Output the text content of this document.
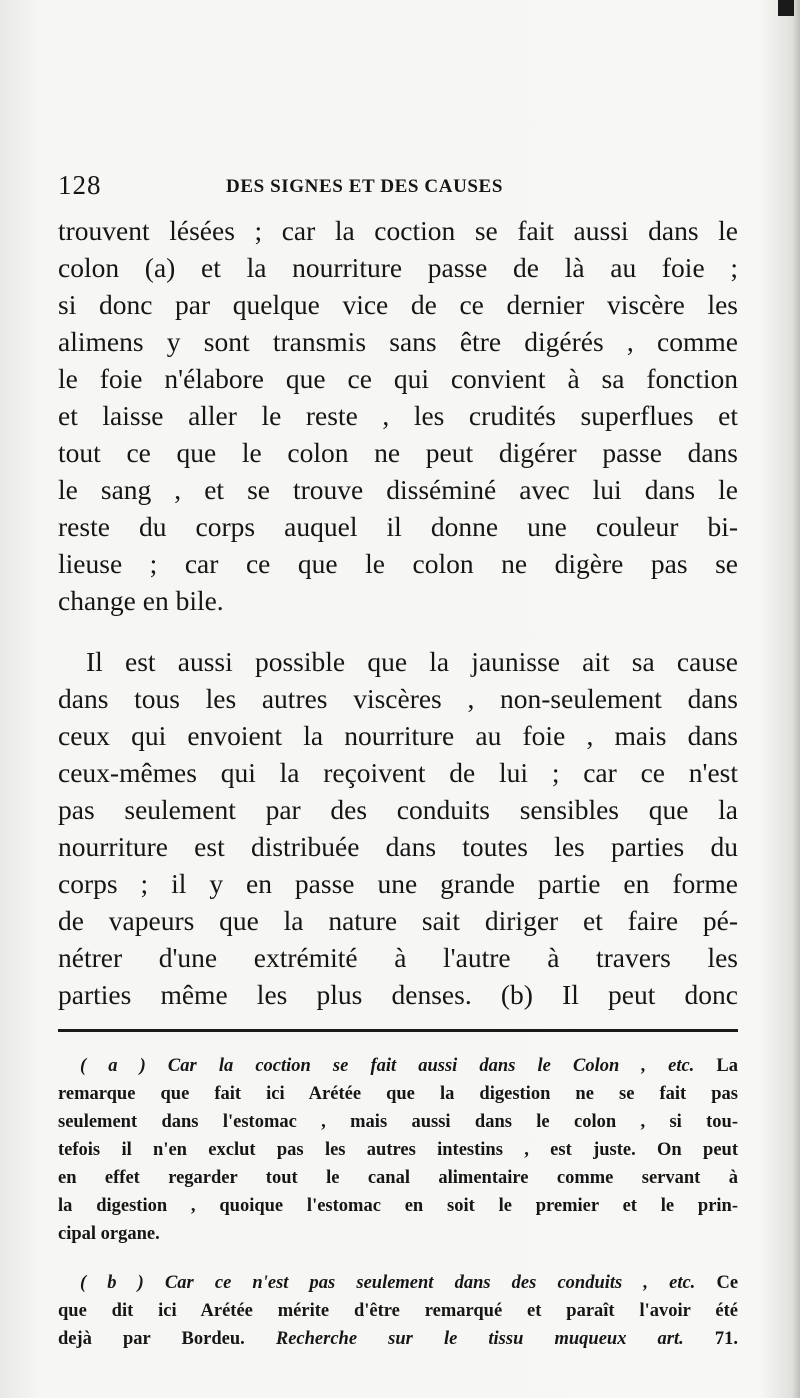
128	DES SIGNES ET DES CAUSES
trouvent lésées ; car la coction se fait aussi dans le
colon (a) et la nourriture passe de là au foie ;
si donc par quelque vice de ce dernier viscère les
alimens y sont transmis sans être digérés , comme
le foie n'élabore que ce qui convient à sa fonction
et laisse aller le reste , les crudités superflues et
tout ce que le colon ne peut digérer passe dans
le sang , et se trouve disséminé avec lui dans le
reste du corps auquel il donne une couleur bi-
lieuse ; car ce que le colon ne digère pas se
change en bile.
Il est aussi possible que la jaunisse ait sa cause
dans tous les autres viscères , non-seulement dans
ceux qui envoient la nourriture au foie , mais dans
ceux-mêmes qui la reçoivent de lui ; car ce n'est
pas seulement par des conduits sensibles que la
nourriture est distribuée dans toutes les parties du
corps ; il y en passe une grande partie en forme
de vapeurs que la nature sait diriger et faire pé-
nétrer d'une extrémité à l'autre à travers les
parties même les plus denses. (b) Il peut donc
( a ) Car la coction se fait aussi dans le Colon , etc. La
remarque que fait ici Arétée que la digestion ne se fait pas
seulement dans l'estomac , mais aussi dans le colon , si tou-
tefois il n'en exclut pas les autres intestins , est juste. On peut
en effet regarder tout le canal alimentaire comme servant à
la digestion , quoique l'estomac en soit le premier et le prin-
cipal organe.
( b ) Car ce n'est pas seulement dans des conduits , etc. Ce
que dit ici Arétée mérite d'être remarqué et paraît l'avoir été
dejà par Bordeu. Recherche sur le tissu muqueux art. 71.
